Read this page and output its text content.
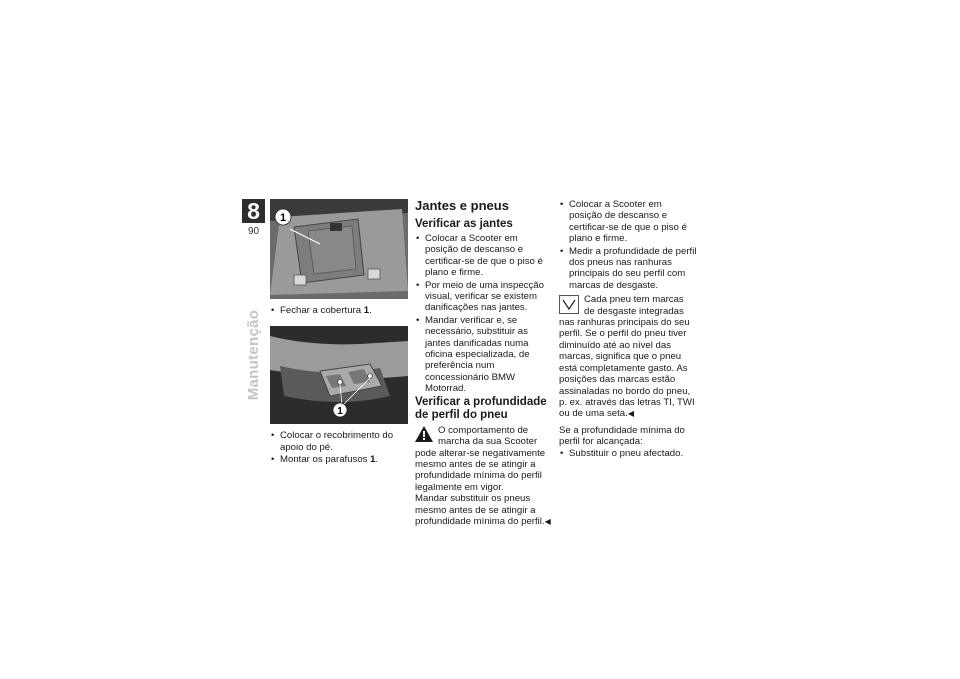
8
90
Manutenção
1
• Fechar a cobertura 1.
1
• Colocar o recobrimento do apoio do pé.
• Montar os parafusos 1.
Jantes e pneus
Verificar as jantes
• Colocar a Scooter em posição de descanso e certificar-se de que o piso é plano e firme.
• Por meio de uma inspecção visual, verificar se existem danificações nas jantes.
• Mandar verificar e, se necessário, substituir as jantes danificadas numa oficina especializada, de preferência num concessionário BMW Motorrad.
Verificar a profundidade de perfil do pneu

O comportamento de marcha da sua Scooter pode alterar-se negativamente mesmo antes de se atingir a profundidade mínima do perfil legalmente em vigor.

Mandar substituir os pneus mesmo antes de se atingir a profundidade mínima do perfil.◀

• Colocar a Scooter em posição de descanso e certificar-se de que o piso é plano e firme.
• Medir a profundidade de perfil dos pneus nas ranhuras principais do seu perfil com marcas de desgaste.

Cada pneu tem marcas de desgaste integradas nas ranhuras principais do seu perfil. Se o perfil do pneu tiver diminuído até ao nível das marcas, significa que o pneu está completamente gasto. As posições das marcas estão assinaladas no bordo do pneu, p. ex. através das letras TI, TWI ou de uma seta.◀

Se a profundidade mínima do perfil for alcançada:

• Substituir o pneu afectado.
